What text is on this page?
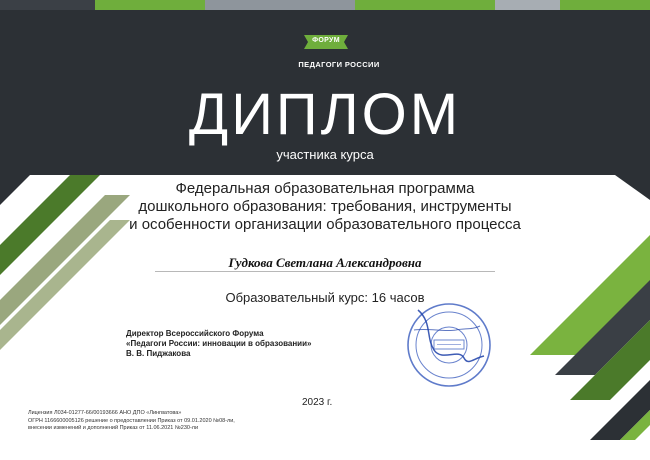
ФОРУМ
ПЕДАГОГИ РОССИИ
ДИПЛОМ
участника курса
Федеральная образовательная программа
дошкольного образования: требования, инструменты
и особенности организации образовательного процесса
Гудкова Светлана Александровна
Образовательный курс: 16 часов
Директор Всероссийского Форума
«Педагоги России: инновации в образовании»
В. В. Пиджакова
2023 г.
Лицензия Л034-01277-66/00193666 АНО ДПО «Лингватова»
ОГРН 1166600005126 решение о предоставлении Приказ от 09.01.2020 №08-ли,
внесении изменений и дополнений Приказ от 11.06.2021 №230-ли
